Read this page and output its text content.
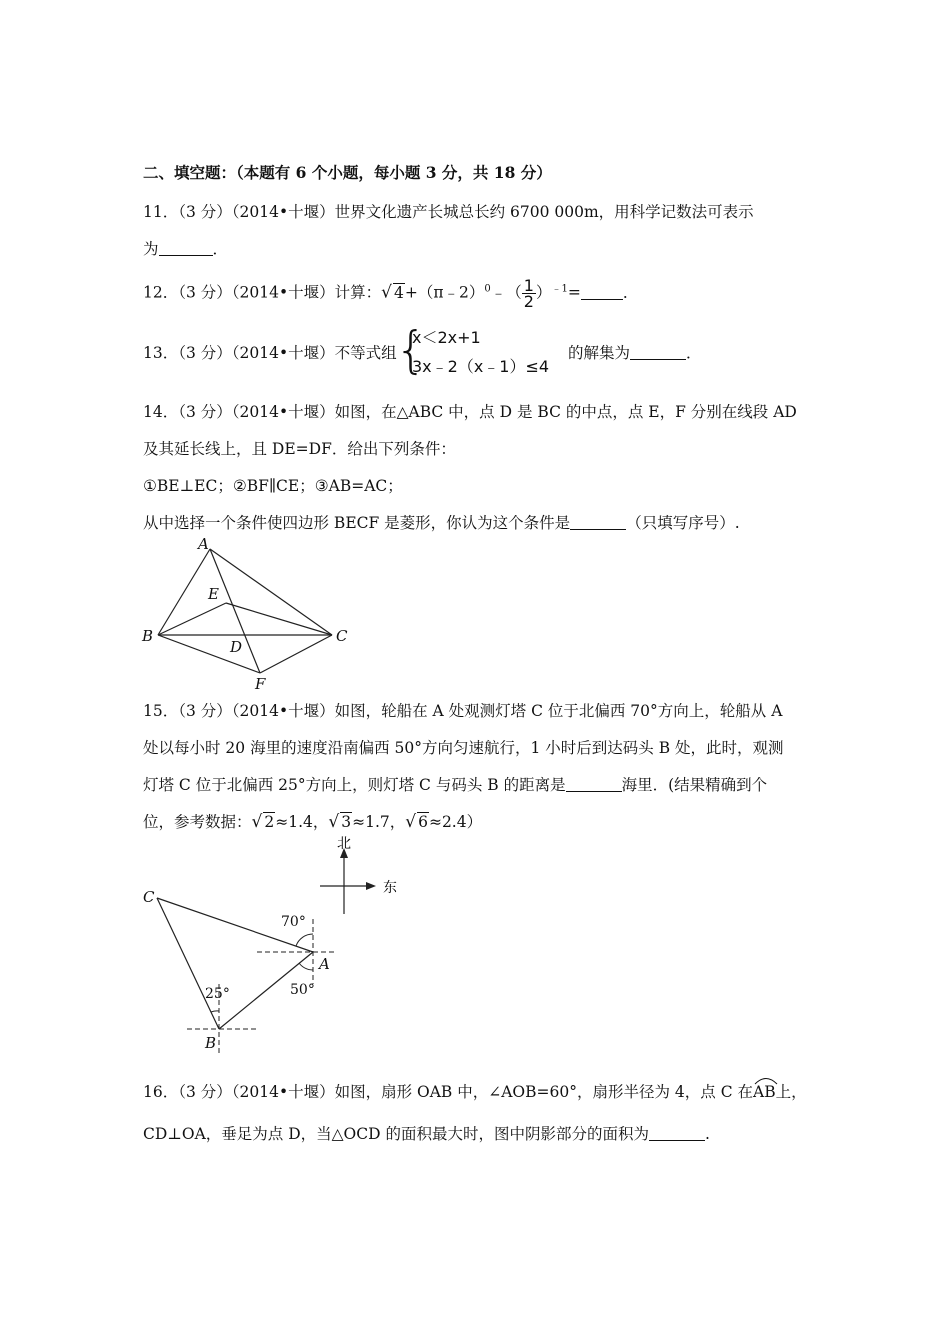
二、填空题：（本题有 6 个小题，每小题 3 分，共 18 分）
11．（3 分）（2014•十堰）世界文化遗产长城总长约 6700 000m，用科学记数法可表示
为	．
12．（3 分）（2014•十堰）计算：√ 4+（π﹣2）$^0$﹣（ $\frac{1}{2} )^{﹣1}=$	．
13．（3 分）（2014•十堰）不等式组
{
x＜2x+1
3x﹣2（x﹣1）≤4
的解集为	．
14．（3 分）（2014•十堰）如图，在△ABC 中，点 D 是 BC 的中点，点 E，F 分别在线段 AD
及其延长线上，且 DE=DF．给出下列条件：
①BE⊥EC；②BF∥CE；③AB=AC；
从中选择一个条件使四边形 BECF 是菱形，你认为这个条件是	（只填写序号）.
A
B	C
D
E
F
15．（3 分）（2014•十堰）如图，轮船在 A 处观测灯塔 C 位于北偏西 70°方向上，轮船从 A
处以每小时 20 海里的速度沿南偏西 50°方向匀速航行，1 小时后到达码头 B 处，此时，观测
灯塔 C 位于北偏西 25°方向上，则灯塔 C 与码头 B 的距离是	海里．(结果精确到个
位，参考数据：√ 2≈1.4，√ 3≈1.7，√ 6≈2.4）
北
东
70°
50°
25°
C
A
B
16．（3 分）（2014•十堰）如图，扇形 OAB 中，∠AOB=60°，扇形半径为 4，点 C 在
AB上，
CD⊥OA，垂足为点 D，当△OCD 的面积最大时，图中阴影部分的面积为	.
